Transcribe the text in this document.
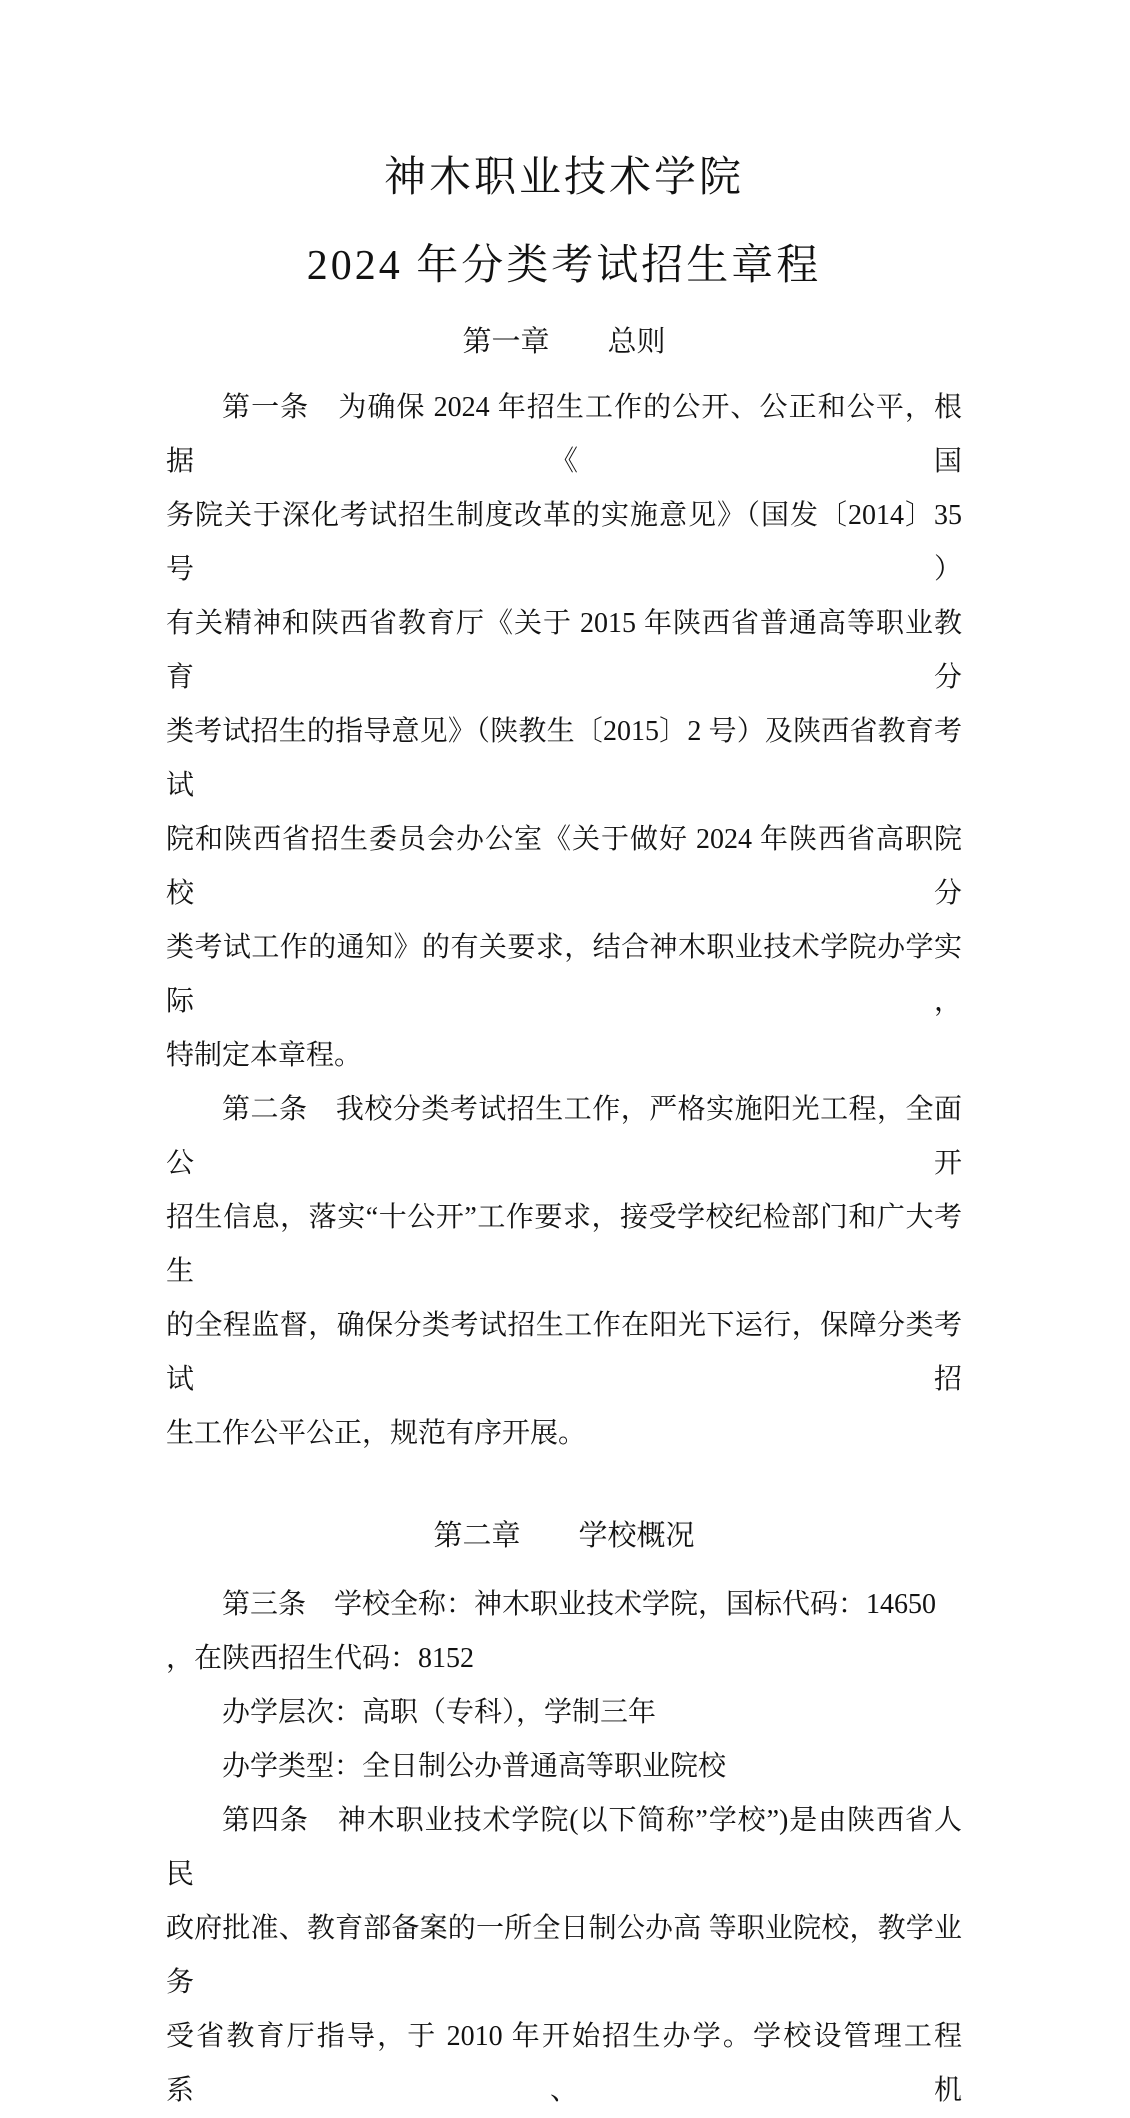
神木职业技术学院
2024 年分类考试招生章程
第一章　　总则
第一条　为确保 2024 年招生工作的公开、公正和公平，根据《国
务院关于深化考试招生制度改革的实施意见》（国发〔2014〕35 号）
有关精神和陕西省教育厅《关于 2015 年陕西省普通高等职业教育分
类考试招生的指导意见》（陕教生〔2015〕2 号）及陕西省教育考试
院和陕西省招生委员会办公室《关于做好 2024 年陕西省高职院校分
类考试工作的通知》的有关要求，结合神木职业技术学院办学实际，
特制定本章程。
第二条　我校分类考试招生工作，严格实施阳光工程，全面公开
招生信息，落实“十公开”工作要求，接受学校纪检部门和广大考生
的全程监督，确保分类考试招生工作在阳光下运行，保障分类考试招
生工作公平公正，规范有序开展。
第二章　　学校概况
第三条　学校全称：神木职业技术学院，国标代码：14650
，在陕西招生代码：8152
办学层次：高职（专科），学制三年
办学类型：全日制公办普通高等职业院校
第四条　神木职业技术学院(以下简称”学校”)是由陕西省人民
政府批准、教育部备案的一所全日制公办高 等职业院校，教学业务
受省教育厅指导，于 2010 年开始招生办学。学校设管理工程系、机
